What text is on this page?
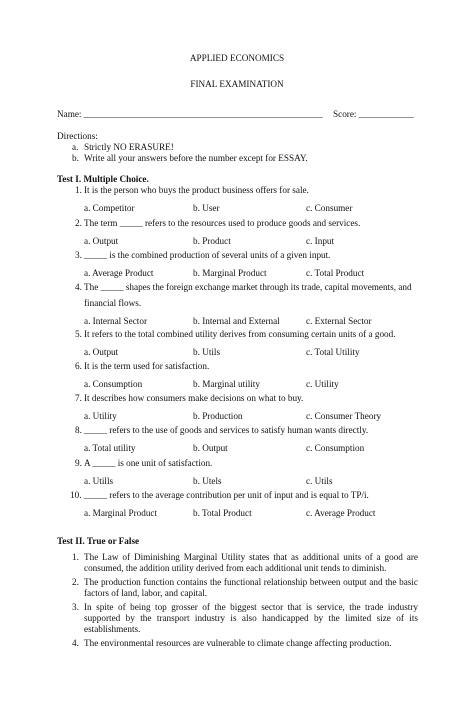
APPLIED ECONOMICS
FINAL EXAMINATION
Name: ____________________________________________________ Score: ____________
Directions:
a. Strictly NO ERASURE!
b. Write all your answers before the number except for ESSAY.
Test I. Multiple Choice.
1. It is the person who buys the product business offers for sale.
a. Competitor	b. User	c. Consumer
2. The term _____ refers to the resources used to produce goods and services.
a. Output	b. Product	c. Input
3. _____ is the combined production of several units of a given input.
a. Average Product	b. Marginal Product	c. Total Product
4. The _____ shapes the foreign exchange market through its trade, capital movements, and
financial flows.
a. Internal Sector	b. Internal and External	c. External Sector
5. It refers to the total combined utility derives from consuming certain units of a good.
a. Output	b. Utils	c. Total Utility
6. It is the term used for satisfaction.
a. Consumption	b. Marginal utility	c. Utility
7. It describes how consumers make decisions on what to buy.
a. Utility	b. Production	c. Consumer Theory
8. _____ refers to the use of goods and services to satisfy human wants directly.
a. Total utility	b. Output	c. Consumption
9. A _____ is one unit of satisfaction.
a. Utills	b. Utels	c. Utils
10. _____ refers to the average contribution per unit of input and is equal to TP/i.
a. Marginal Product	b. Total Product	c. Average Product
Test II. True or False
1. The Law of Diminishing Marginal Utility states that as additional units of a good are consumed, the addition utility derived from each additional unit tends to diminish.
2. The production function contains the functional relationship between output and the basic factors of land, labor, and capital.
3. In spite of being top grosser of the biggest sector that is service, the trade industry supported by the transport industry is also handicapped by the limited size of its establishments.
4. The environmental resources are vulnerable to climate change affecting production.
